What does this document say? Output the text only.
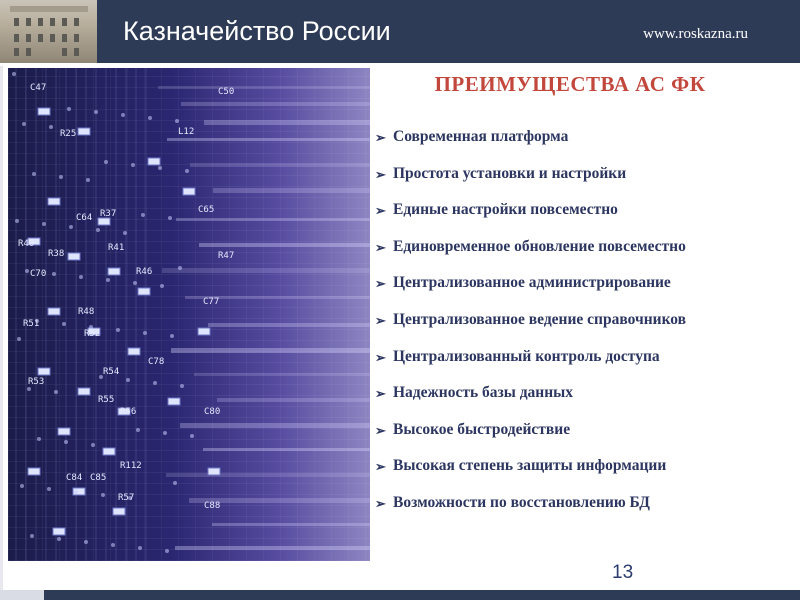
Казначейство России	www.roskazna.ru
C47
R25
C50
L12
C64 R37	C65
R40
R38
R41
C70	R46
R47
R48
C77
R51
R52
C78
R53
R54
R55
R56	C80
R112
C84 C85
R57
C88
ПРЕИМУЩЕСТВА АС ФК
➢ Современная платформа
➢ Простота установки и настройки
➢ Единые настройки повсеместно
➢ Единовременное обновление повсеместно
➢ Централизованное администрирование
➢ Централизованное ведение справочников
➢ Централизованный контроль доступа
➢ Надежность базы данных
➢ Высокое быстродействие
➢ Высокая степень защиты информации
➢ Возможности по восстановлению БД
13
